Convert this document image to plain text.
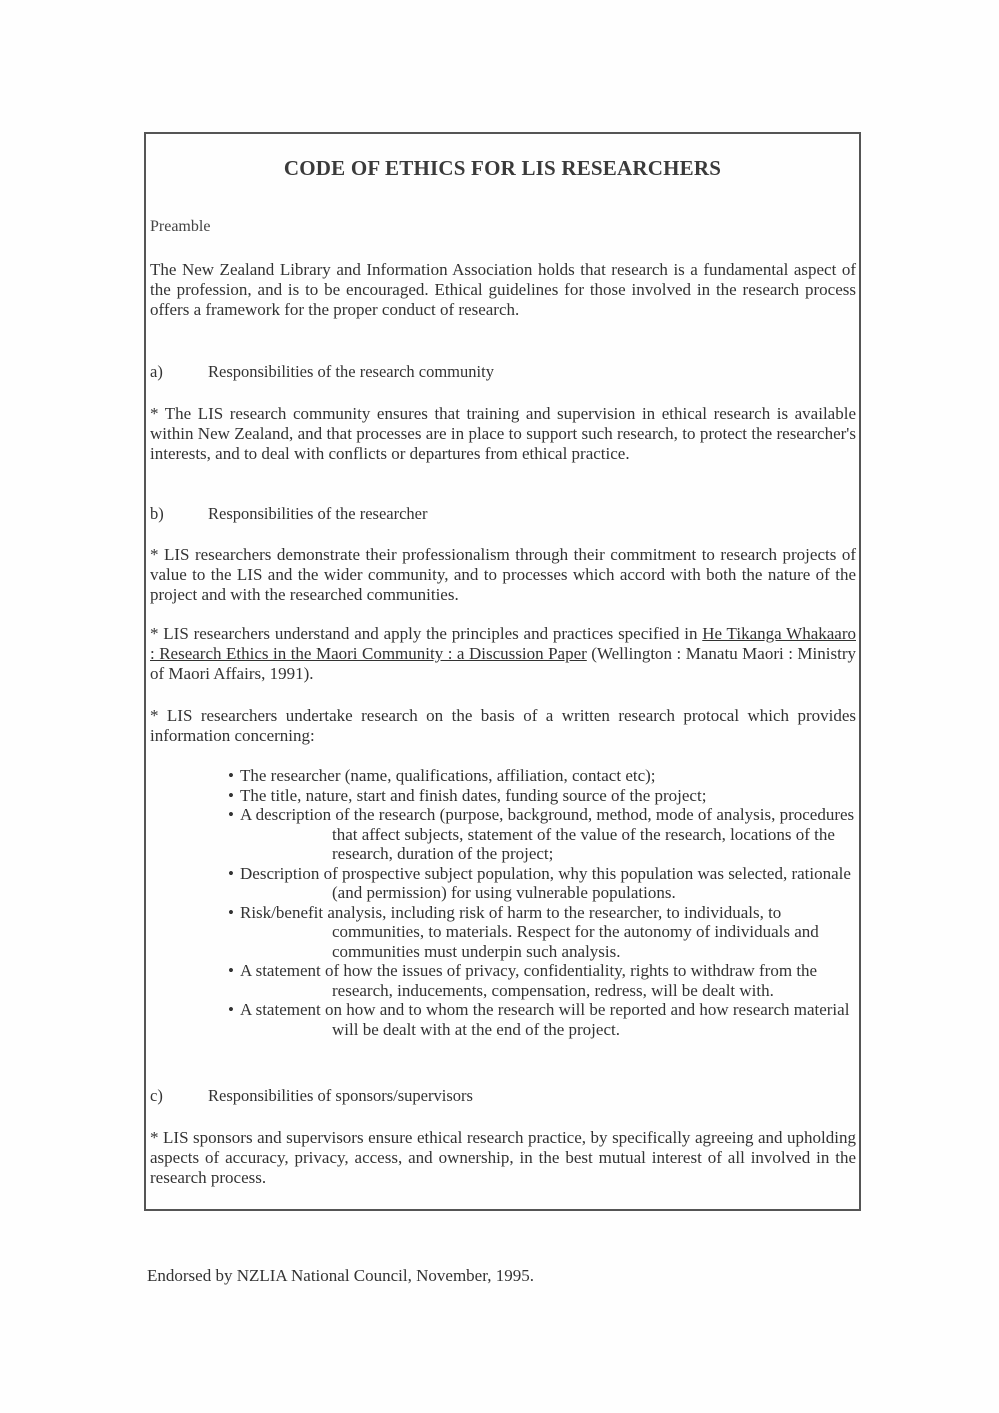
CODE OF ETHICS FOR LIS RESEARCHERS

Preamble

The New Zealand Library and Information Association holds that research is a fundamental aspect of the profession, and is to be encouraged. Ethical guidelines for those involved in the research process offers a framework for the proper conduct of research.

a)	Responsibilities of the research community

* The LIS research community ensures that training and supervision in ethical research is available within New Zealand, and that processes are in place to support such research, to protect the researcher's interests, and to deal with conflicts or departures from ethical practice.

b)	Responsibilities of the researcher

* LIS researchers demonstrate their professionalism through their commitment to research projects of value to the LIS and the wider community, and to processes which accord with both the nature of the project and with the researched communities.

* LIS researchers understand and apply the principles and practices specified in He Tikanga Whakaaro : Research Ethics in the Maori Community : a Discussion Paper (Wellington : Manatu Maori : Ministry of Maori Affairs, 1991).

* LIS researchers undertake research on the basis of a written research protocal which provides information concerning:

• The researcher (name, qualifications, affiliation, contact etc);
• The title, nature, start and finish dates, funding source of the project;
• A description of the research (purpose, background, method, mode of analysis, procedures that affect subjects, statement of the value of the research, locations of the research, duration of the project;
• Description of prospective subject population, why this population was selected, rationale (and permission) for using vulnerable populations.
• Risk/benefit analysis, including risk of harm to the researcher, to individuals, to communities, to materials. Respect for the autonomy of individuals and communities must underpin such analysis.
• A statement of how the issues of privacy, confidentiality, rights to withdraw from the research, inducements, compensation, redress, will be dealt with.
• A statement on how and to whom the research will be reported and how research material will be dealt with at the end of the project.
c)	Responsibilities of sponsors/supervisors

* LIS sponsors and supervisors ensure ethical research practice, by specifically agreeing and upholding aspects of accuracy, privacy, access, and ownership, in the best mutual interest of all involved in the research process.

Endorsed by NZLIA National Council, November, 1995.
